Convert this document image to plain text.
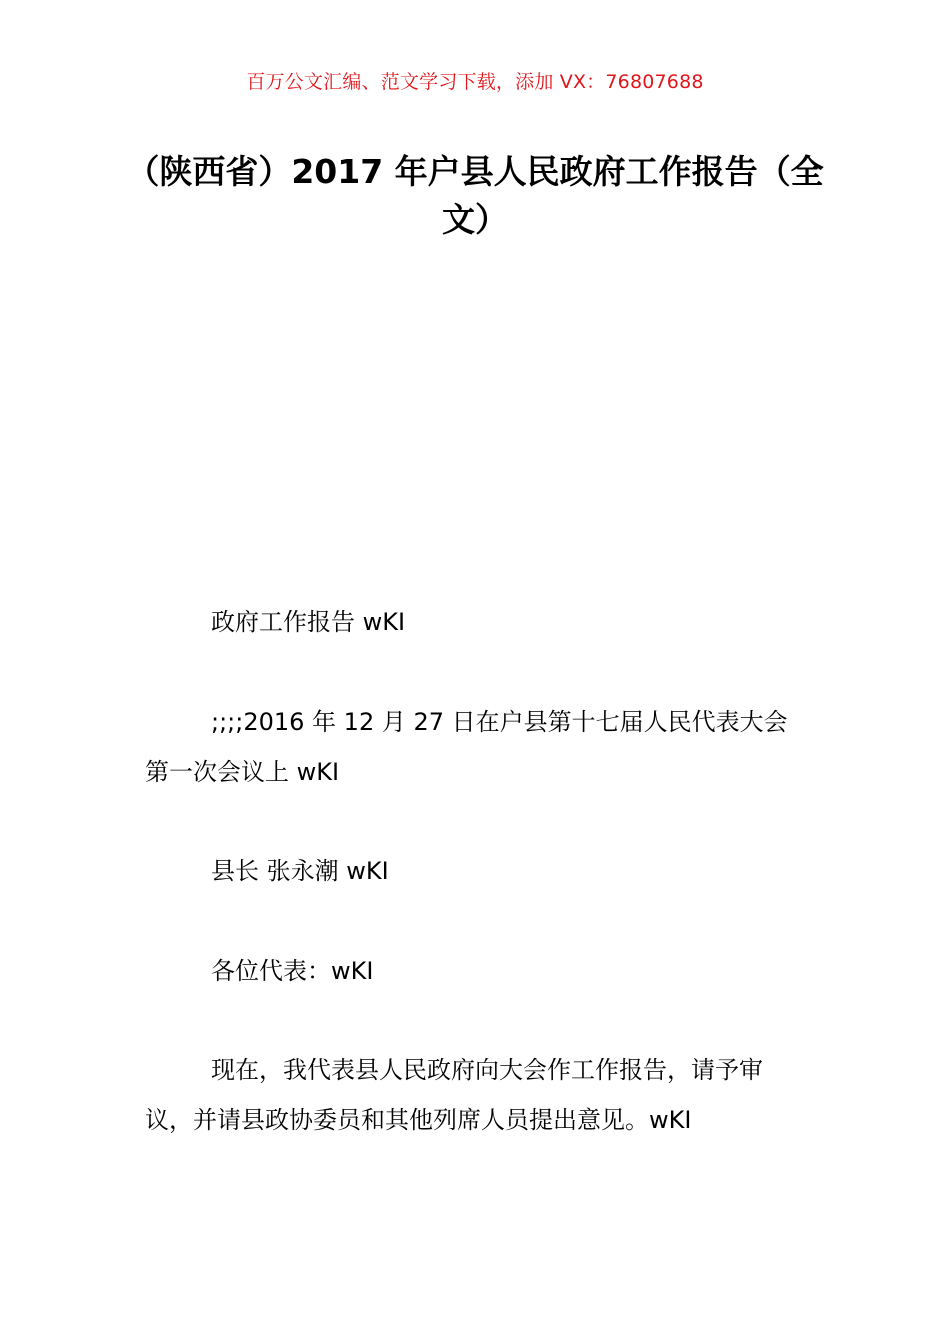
百万公文汇编、范文学习下载，添加 VX：76807688
（陕西省）2017 年户县人民政府工作报告（全文）

政府工作报告 wKI

;;;;2016 年 12 月 27 日在户县第十七届人民代表大会第一次会议上 wKI

县长 张永潮 wKI

各位代表：wKI

现在，我代表县人民政府向大会作工作报告，请予审议，并请县政协委员和其他列席人员提出意见。wKI
